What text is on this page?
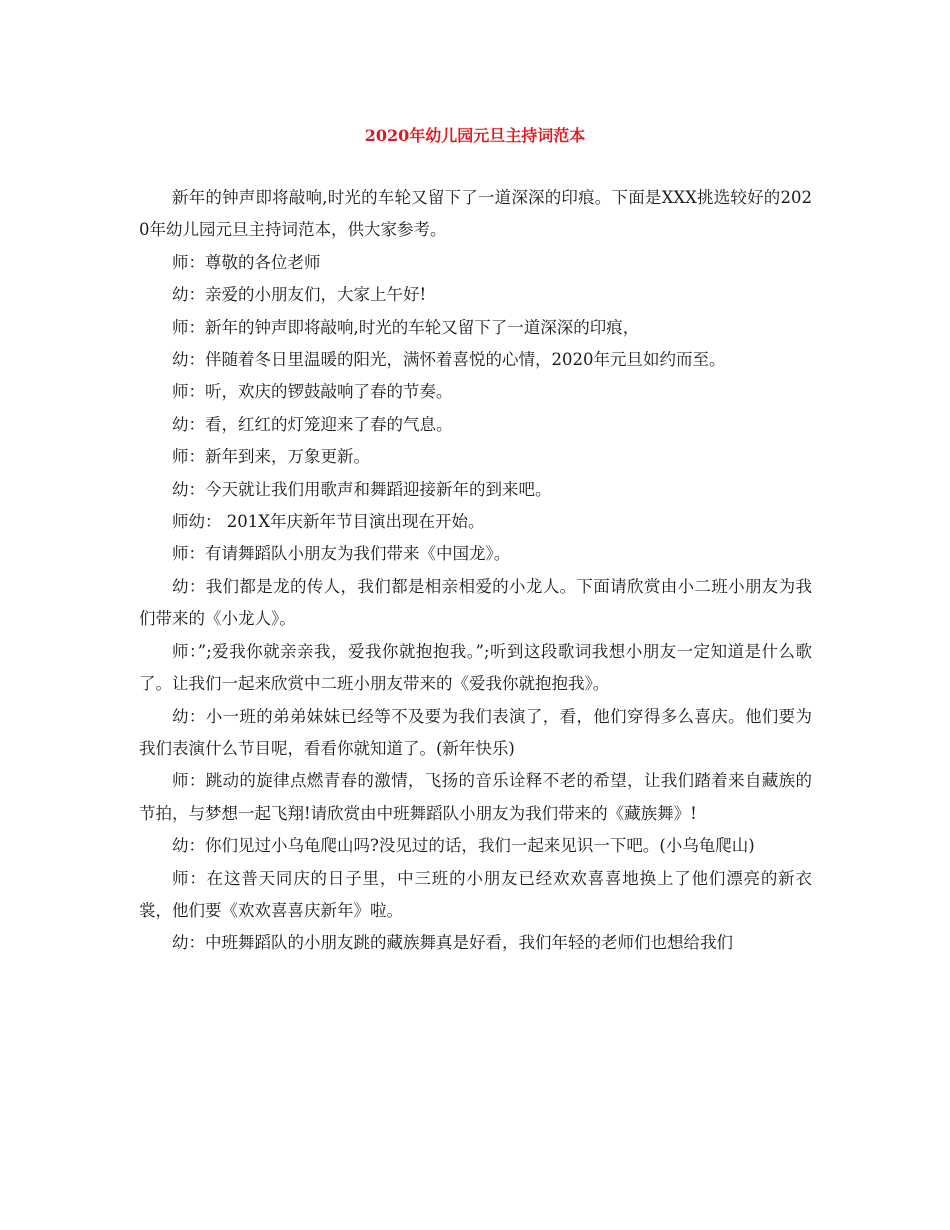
2020年幼儿园元旦主持词范本

新年的钟声即将敲响,时光的车轮又留下了一道深深的印痕。下面是XXX挑选较好的2020年幼儿园元旦主持词范本，供大家参考。

师：尊敬的各位老师

幼：亲爱的小朋友们，大家上午好!

师：新年的钟声即将敲响,时光的车轮又留下了一道深深的印痕，

幼：伴随着冬日里温暖的阳光，满怀着喜悦的心情，2020年元旦如约而至。

师：听，欢庆的锣鼓敲响了春的节奏。

幼：看，红红的灯笼迎来了春的气息。

师：新年到来，万象更新。

幼：今天就让我们用歌声和舞蹈迎接新年的到来吧。

师幼： 201X年庆新年节目演出现在开始。

师：有请舞蹈队小朋友为我们带来《中国龙》。

幼：我们都是龙的传人，我们都是相亲相爱的小龙人。下面请欣赏由小二班小朋友为我们带来的《小龙人》。

师：”;爱我你就亲亲我，爱我你就抱抱我。”;听到这段歌词我想小朋友一定知道是什么歌了。让我们一起来欣赏中二班小朋友带来的《爱我你就抱抱我》。

幼：小一班的弟弟妹妹已经等不及要为我们表演了，看，他们穿得多么喜庆。他们要为我们表演什么节目呢，看看你就知道了。(新年快乐)

师：跳动的旋律点燃青春的激情，飞扬的音乐诠释不老的希望，让我们踏着来自藏族的节拍，与梦想一起飞翔!请欣赏由中班舞蹈队小朋友为我们带来的《藏族舞》!

幼：你们见过小乌龟爬山吗?没见过的话，我们一起来见识一下吧。(小乌龟爬山)

师：在这普天同庆的日子里，中三班的小朋友已经欢欢喜喜地换上了他们漂亮的新衣裳，他们要《欢欢喜喜庆新年》啦。

幼：中班舞蹈队的小朋友跳的藏族舞真是好看，我们年轻的老师们也想给我们
